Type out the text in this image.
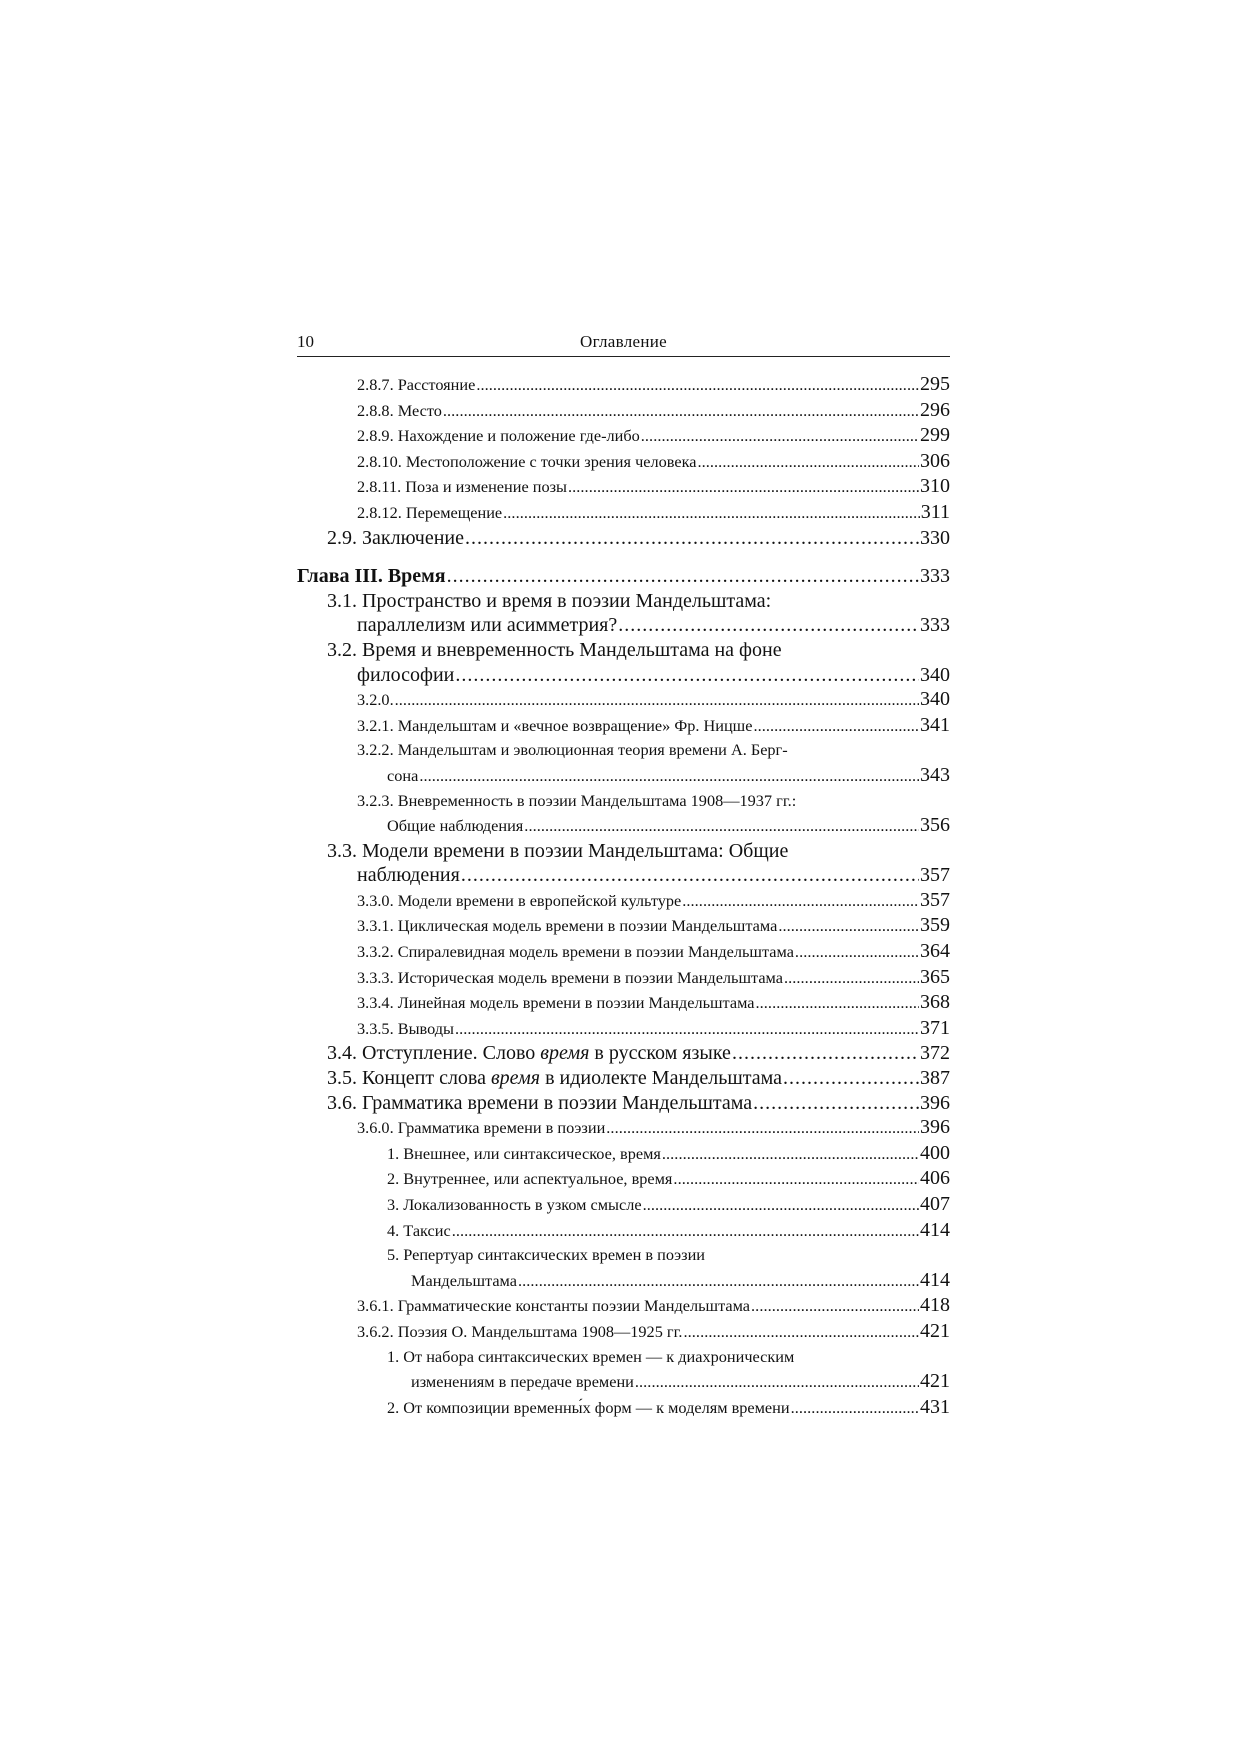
10	Оглавление
2.8.7. Расстояние . . .	295
2.8.8. Место . . .	296
2.8.9. Нахождение и положение где-либо . . .	299
2.8.10. Местоположение с точки зрения человека . . .	306
2.8.11. Поза и изменение позы . . .	310
2.8.12. Перемещение . . .	311
2.9. Заключение . . .	330
Глава III. Время . . .	333
3.1. Пространство и время в поэзии Мандельштама:
параллелизм или асимметрия? . . .	333
3.2. Время и вневременность Мандельштама на фоне
философии . . .	340
3.2.0. . . .	340
3.2.1. Мандельштам и «вечное возвращение» Фр. Ницше . . .	341
3.2.2. Мандельштам и эволюционная теория времени А. Берг-
сона . . .	343
3.2.3. Вневременность в поэзии Мандельштама 1908—1937 гг.:
Общие наблюдения . . .	356
3.3. Модели времени в поэзии Мандельштама: Общие
наблюдения . . .	357
3.3.0. Модели времени в европейской культуре . . .	357
3.3.1. Циклическая модель времени в поэзии Мандельштама . . .	359
3.3.2. Спиралевидная модель времени в поэзии Мандельштама . . .	364
3.3.3. Историческая модель времени в поэзии Мандельштама . . .	365
3.3.4. Линейная модель времени в поэзии Мандельштама . . .	368
3.3.5. Выводы . . .	371
3.4. Отступление. Слово время в русском языке . . .	372
3.5. Концепт слова время в идиолекте Мандельштама . . .	387
3.6. Грамматика времени в поэзии Мандельштама . . .	396
3.6.0. Грамматика времени в поэзии . . .	396
1. Внешнее, или синтаксическое, время . . .	400
2. Внутреннее, или аспектуальное, время . . .	406
3. Локализованность в узком смысле . . .	407
4. Таксис . . .	414
5. Репертуар синтаксических времен в поэзии
Мандельштама . . .	414
3.6.1. Грамматические константы поэзии Мандельштама . . .	418
3.6.2. Поэзия О. Мандельштама 1908—1925 гг. . . .	421
1. От набора синтаксических времен — к диахроническим
изменениям в передаче времени . . .	421
2. От композиции временны́х форм — к моделям времени . . .	431
